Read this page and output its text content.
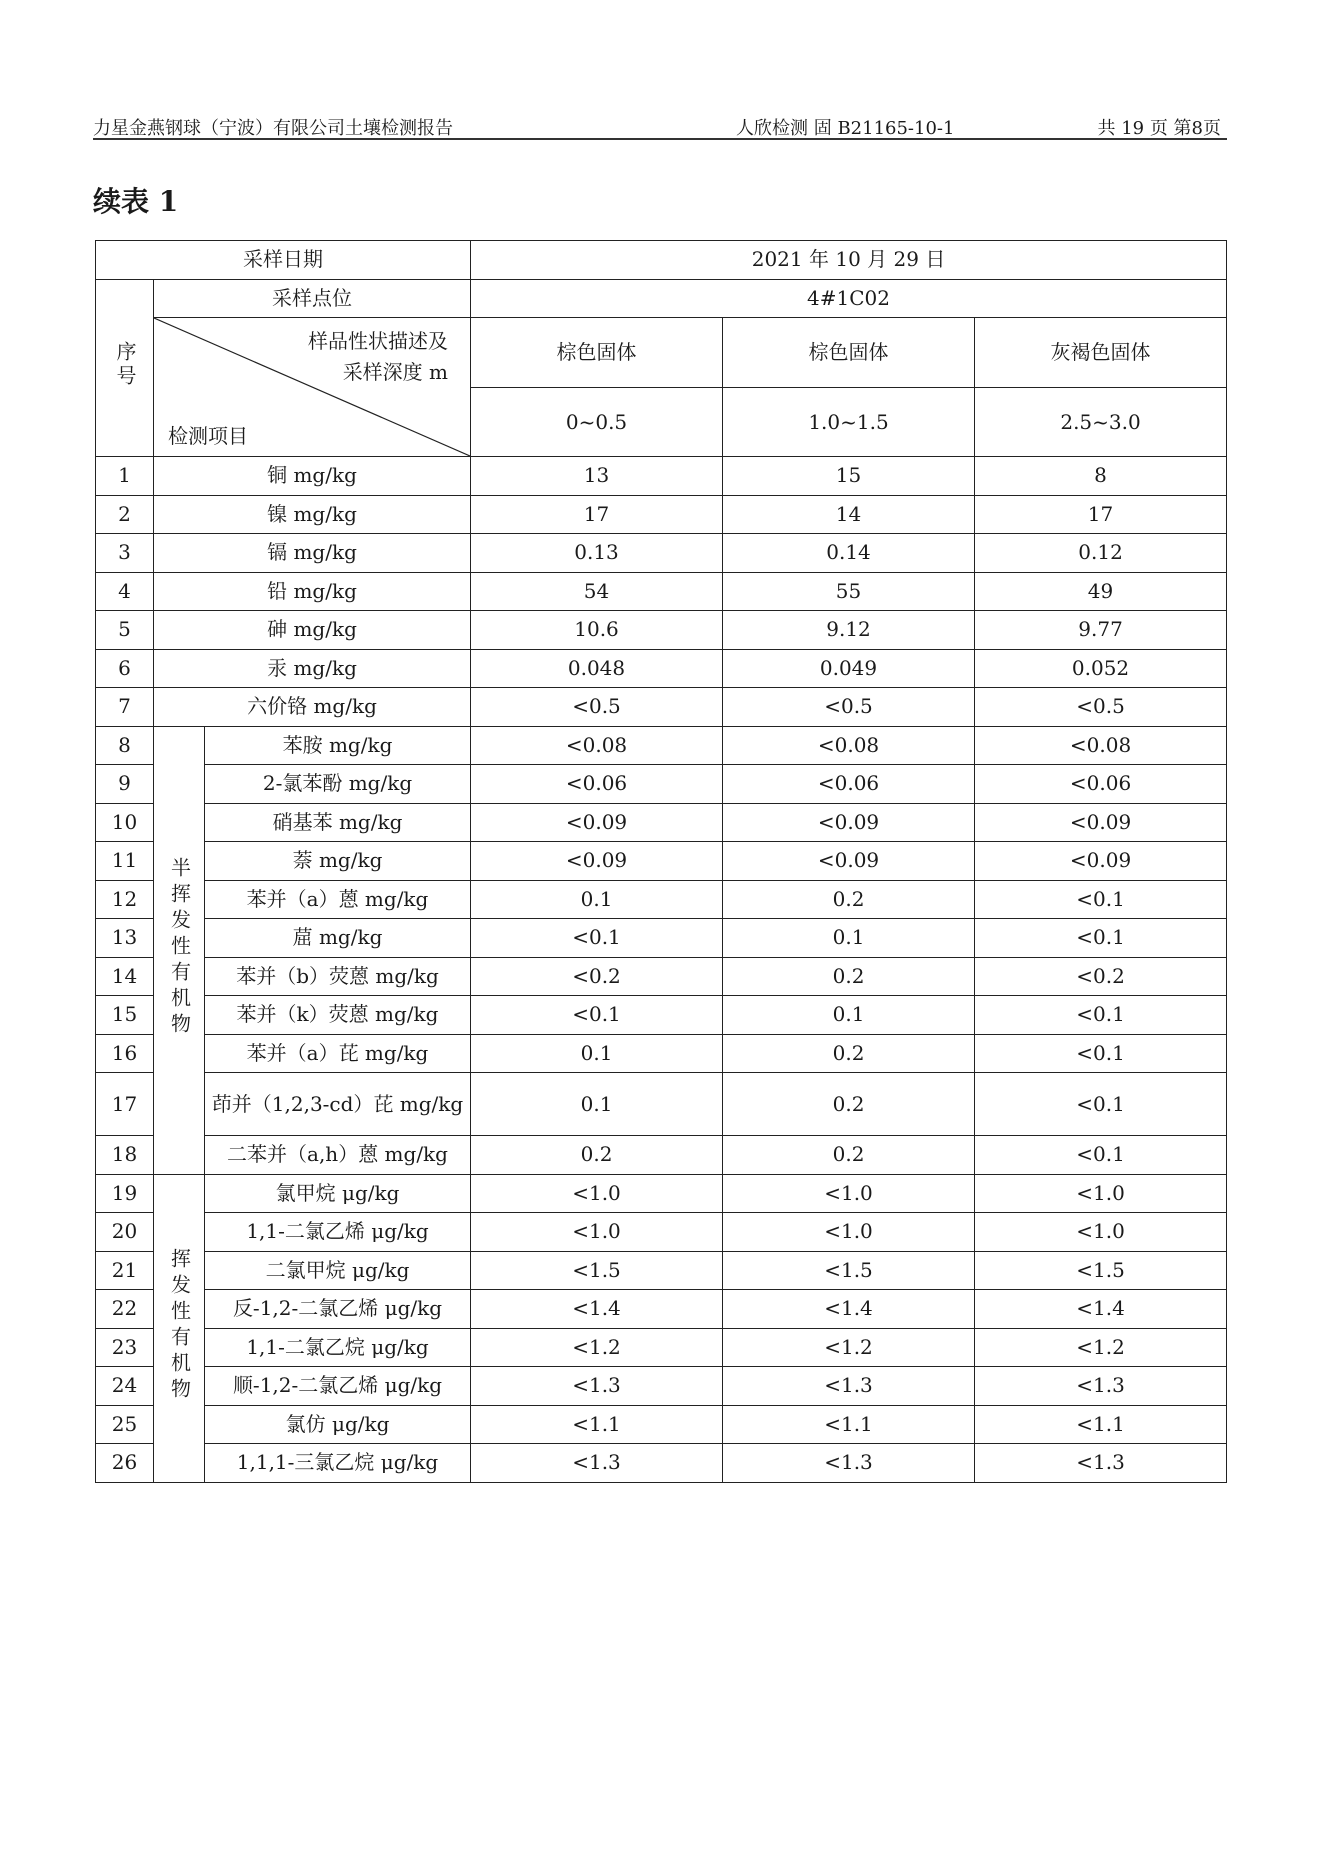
力星金燕钢球（宁波）有限公司土壤检测报告	人欣检测 固 B21165-10-1	共 19 页 第8页
续表 1
采样日期			2021 年 10 月 29 日		
序号	采样点位		4#1C02		

	样品性状描述及
采样深度 m
检测项目		棕色固体	棕色固体	灰褐色固体
			0~0.5	1.0~1.5	2.5~3.0
1	铜 mg/kg		13	15	8
2	镍 mg/kg		17	14	17
3	镉 mg/kg		0.13	0.14	0.12
4	铅 mg/kg		54	55	49
5	砷 mg/kg		10.6	9.12	9.77
6	汞 mg/kg		0.048	0.049	0.052
7	六价铬 mg/kg		<0.5	<0.5	<0.5
8	半挥发性有机物	苯胺 mg/kg	<0.08	<0.08	<0.08
9		2-氯苯酚 mg/kg	<0.06	<0.06	<0.06
10		硝基苯 mg/kg	<0.09	<0.09	<0.09
11		萘 mg/kg	<0.09	<0.09	<0.09
12		苯并（a）蒽 mg/kg	0.1	0.2	<0.1
13		䓛 mg/kg	<0.1	0.1	<0.1
14		苯并（b）荧蒽 mg/kg	<0.2	0.2	<0.2
15		苯并（k）荧蒽 mg/kg	<0.1	0.1	<0.1
16		苯并（a）芘 mg/kg	0.1	0.2	<0.1
17		茚并（1,2,3-cd）芘 mg/kg	0.1	0.2	<0.1
18		二苯并（a,h）蒽 mg/kg	0.2	0.2	<0.1
19	挥发性有机物	氯甲烷 μg/kg	<1.0	<1.0	<1.0
20		1,1-二氯乙烯 μg/kg	<1.0	<1.0	<1.0
21		二氯甲烷 μg/kg	<1.5	<1.5	<1.5
22		反-1,2-二氯乙烯 μg/kg	<1.4	<1.4	<1.4
23		1,1-二氯乙烷 μg/kg	<1.2	<1.2	<1.2
24		顺-1,2-二氯乙烯 μg/kg	<1.3	<1.3	<1.3
25		氯仿 μg/kg	<1.1	<1.1	<1.1
26		1,1,1-三氯乙烷 μg/kg	<1.3	<1.3	<1.3
